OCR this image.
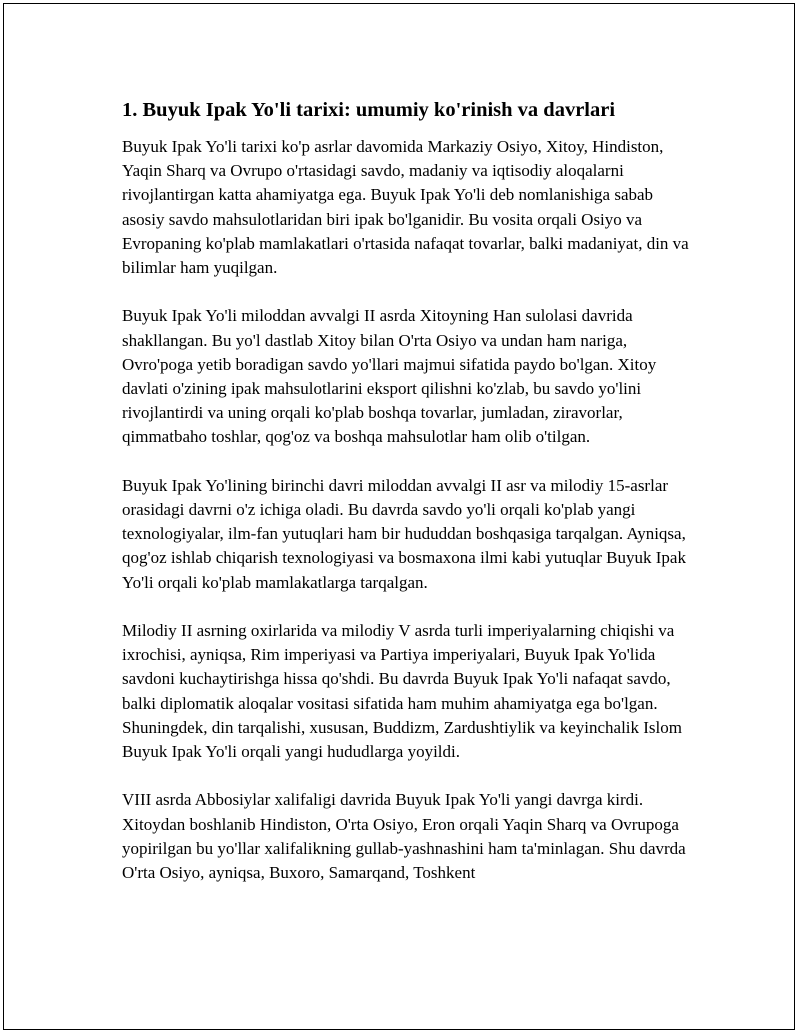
1. Buyuk Ipak Yo'li tarixi: umumiy ko'rinish va davrlari

Buyuk Ipak Yo'li tarixi ko'p asrlar davomida Markaziy Osiyo, Xitoy, Hindiston, Yaqin Sharq va Ovrupo o'rtasidagi savdo, madaniy va iqtisodiy aloqalarni rivojlantirgan katta ahamiyatga ega. Buyuk Ipak Yo'li deb nomlanishiga sabab asosiy savdo mahsulotlaridan biri ipak bo'lganidir. Bu vosita orqali Osiyo va Evropaning ko'plab mamlakatlari o'rtasida nafaqat tovarlar, balki madaniyat, din va bilimlar ham yuqilgan.

Buyuk Ipak Yo'li miloddan avvalgi II asrda Xitoyning Han sulolasi davrida shakllangan. Bu yo'l dastlab Xitoy bilan O'rta Osiyo va undan ham nariga, Ovro'poga yetib boradigan savdo yo'llari majmui sifatida paydo bo'lgan. Xitoy davlati o'zining ipak mahsulotlarini eksport qilishni ko'zlab, bu savdo yo'lini rivojlantirdi va uning orqali ko'plab boshqa tovarlar, jumladan, ziravorlar, qimmatbaho toshlar, qog'oz va boshqa mahsulotlar ham olib o'tilgan.

Buyuk Ipak Yo'lining birinchi davri miloddan avvalgi II asr va milodiy 15-asrlar orasidagi davrni o'z ichiga oladi. Bu davrda savdo yo'li orqali ko'plab yangi texnologiyalar, ilm-fan yutuqlari ham bir hududdan boshqasiga tarqalgan. Ayniqsa, qog'oz ishlab chiqarish texnologiyasi va bosmaxona ilmi kabi yutuqlar Buyuk Ipak Yo'li orqali ko'plab mamlakatlarga tarqalgan.

Milodiy II asrning oxirlarida va milodiy V asrda turli imperiyalarning chiqishi va ixrochisi, ayniqsa, Rim imperiyasi va Partiya imperiyalari, Buyuk Ipak Yo'lida savdoni kuchaytirishga hissa qo'shdi. Bu davrda Buyuk Ipak Yo'li nafaqat savdo, balki diplomatik aloqalar vositasi sifatida ham muhim ahamiyatga ega bo'lgan. Shuningdek, din tarqalishi, xususan, Buddizm, Zardushtiylik va keyinchalik Islom Buyuk Ipak Yo'li orqali yangi hududlarga yoyildi.

VIII asrda Abbosiylar xalifaligi davrida Buyuk Ipak Yo'li yangi davrga kirdi. Xitoydan boshlanib Hindiston, O'rta Osiyo, Eron orqali Yaqin Sharq va Ovrupoga yopirilgan bu yo'llar xalifalikning gullab-yashnashini ham ta'minlagan. Shu davrda O'rta Osiyo, ayniqsa, Buxoro, Samarqand, Toshkent
